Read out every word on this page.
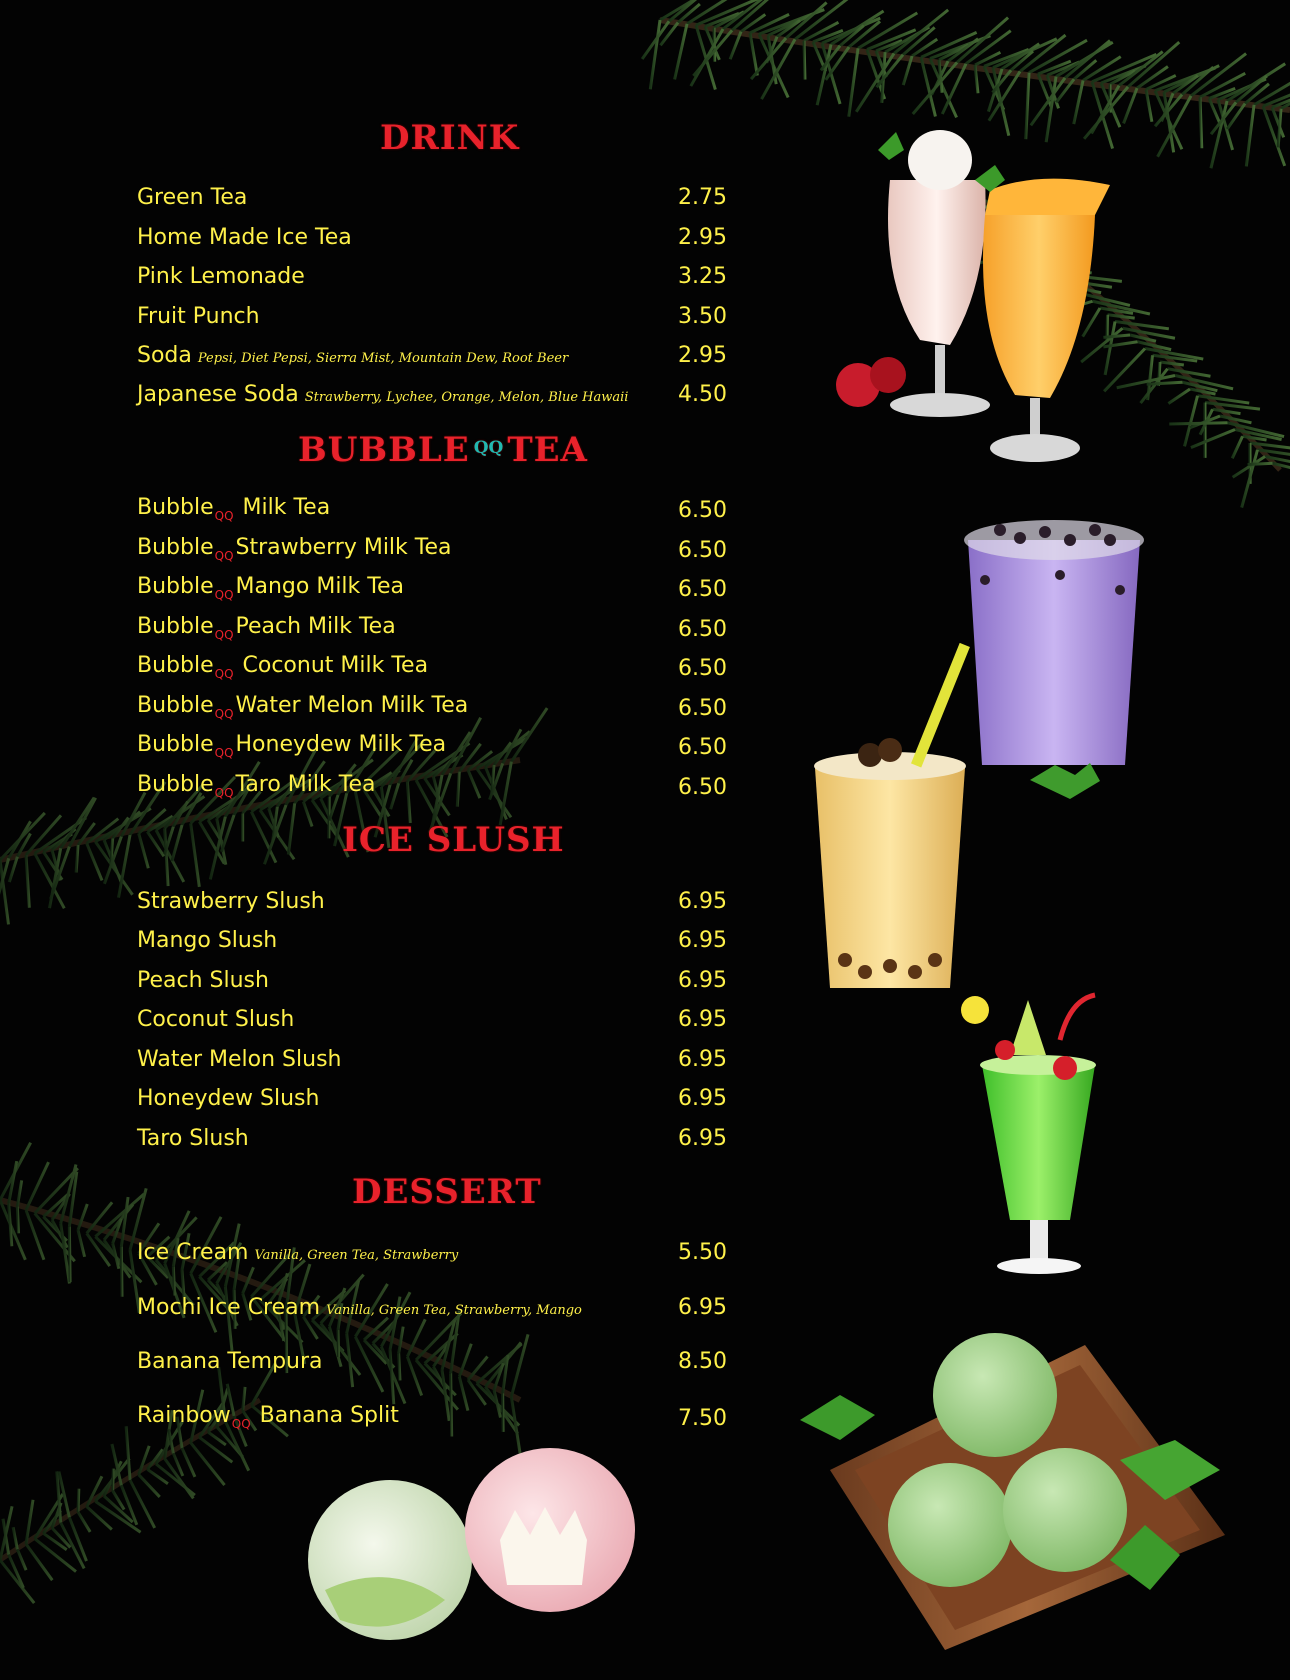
DRINK
Green Tea	2.75
Home Made Ice Tea	2.95
Pink Lemonade	3.25
Fruit Punch	3.50
Soda Pepsi, Diet Pepsi, Sierra Mist, Mountain Dew, Root Beer	2.95
Japanese Soda Strawberry, Lychee, Orange, Melon, Blue Hawaii 4.50
BUBBLE $^{QQ}$ TEA
Bubble$_{QQ}$ Milk Tea	6.50
Bubble$_{QQ}$Strawberry Milk Tea	6.50
Bubble$_{QQ}$Mango Milk Tea	6.50
Bubble$_{QQ}$Peach Milk Tea	6.50
Bubble$_{QQ}$ Coconut Milk Tea	6.50
Bubble$_{QQ}$Water Melon Milk Tea	6.50
Bubble$_{QQ}$Honeydew Milk Tea	6.50
Bubble$_{QQ}$Taro Milk Tea	6.50
ICE SLUSH
Strawberry Slush	6.95
Mango Slush	6.95
Peach Slush	6.95
Coconut Slush	6.95
Water Melon Slush	6.95
Honeydew Slush	6.95
Taro Slush	6.95
DESSERT
Ice Cream Vanilla, Green Tea, Strawberry	5.50
Mochi Ice Cream Vanilla, Green Tea, Strawberry, Mango	6.95
Banana Tempura	8.50
Rainbow$_{QQ}$ Banana Split	7.50
